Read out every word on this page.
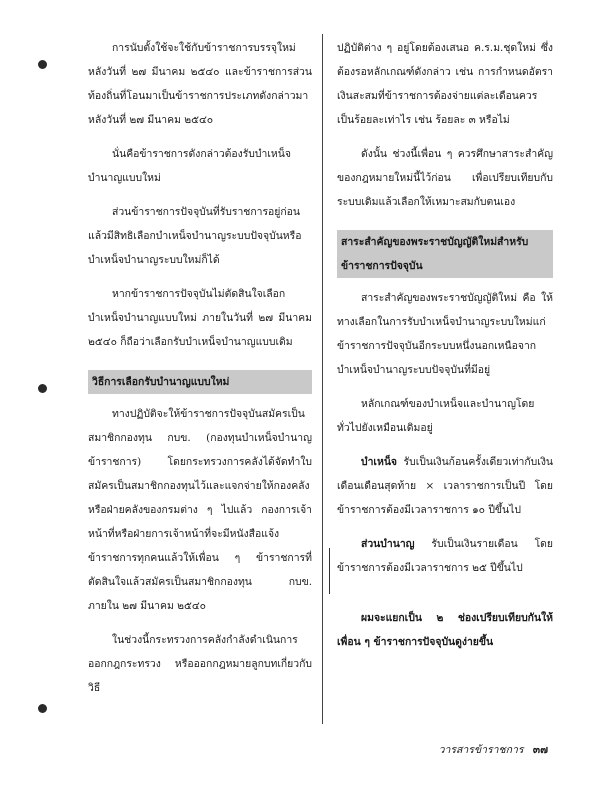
การนับตั้งใช้จะใช้กับข้าราชการบรรจุใหม่หลังวันที่ ๒๗ มีนาคม ๒๕๔๐ และข้าราชการส่วนท้องถิ่นที่โอนมาเป็นข้าราชการประเภทดังกล่าวมาหลังวันที่ ๒๗ มีนาคม ๒๕๔๐

นั่นคือข้าราชการดังกล่าวต้องรับบำเหน็จบำนาญแบบใหม่

ส่วนข้าราชการปัจจุบันที่รับราชการอยู่ก่อนแล้วมีสิทธิเลือกบำเหน็จบำนาญระบบปัจจุบันหรือบำเหน็จบำนาญระบบใหม่ก็ได้

หากข้าราชการปัจจุบันไม่ตัดสินใจเลือกบำเหน็จบำนาญแบบใหม่ ภายในวันที่ ๒๗ มีนาคม ๒๕๔๐ ก็ถือว่าเลือกรับบำเหน็จบำนาญแบบเดิม

วิธีการเลือกรับบำนาญแบบใหม่

ทางปฏิบัติจะให้ข้าราชการปัจจุบันสมัครเป็นสมาชิกกองทุน กบข. (กองทุนบำเหน็จบำนาญข้าราชการ) โดยกระทรวงการคลังได้จัดทำใบสมัครเป็นสมาชิกกองทุนไว้และแจกจ่ายให้กองคลังหรือฝ่ายคลังของกรมต่าง ๆ ไปแล้ว กองการเจ้าหน้าที่หรือฝ่ายการเจ้าหน้าที่จะมีหนังสือแจ้งข้าราชการทุกคนแล้วให้เพื่อน ๆ ข้าราชการที่ตัดสินใจแล้วสมัครเป็นสมาชิกกองทุน กบข. ภายใน ๒๗ มีนาคม ๒๕๔๐

ในช่วงนี้กระทรวงการคลังกำลังดำเนินการออกกฎกระทรวง หรือออกกฎหมายลูกบทเกี่ยวกับวิธี

ปฏิบัติต่าง ๆ อยู่โดยต้องเสนอ ค.ร.ม.ชุดใหม่ ซึ่งต้องรอหลักเกณฑ์ดังกล่าว เช่น การกำหนดอัตราเงินสะสมที่ข้าราชการต้องจ่ายแต่ละเดือนควรเป็นร้อยละเท่าไร เช่น ร้อยละ ๓ หรือไม่

ดังนั้น ช่วงนี้เพื่อน ๆ ควรศึกษาสาระสำคัญของกฎหมายใหม่นี้ไว้ก่อน เพื่อเปรียบเทียบกับระบบเดิมแล้วเลือกให้เหมาะสมกับตนเอง

สาระสำคัญของพระราชบัญญัติใหม่สำหรับ
ข้าราชการปัจจุบัน

สาระสำคัญของพระราชบัญญัติใหม่ คือ ให้ทางเลือกในการรับบำเหน็จบำนาญระบบใหม่แก่ข้าราชการปัจจุบันอีกระบบหนึ่งนอกเหนือจากบำเหน็จบำนาญระบบปัจจุบันที่มีอยู่

หลักเกณฑ์ของบำเหน็จและบำนาญโดยทั่วไปยังเหมือนเดิมอยู่

บำเหน็จ รับเป็นเงินก้อนครั้งเดียวเท่ากับเงินเดือนเดือนสุดท้าย × เวลาราชการเป็นปี โดยข้าราชการต้องมีเวลาราชการ ๑๐ ปีขึ้นไป

ส่วนบำนาญ รับเป็นเงินรายเดือน โดยข้าราชการต้องมีเวลาราชการ ๒๕ ปีขึ้นไป

ผมจะแยกเป็น ๒ ช่องเปรียบเทียบกันให้เพื่อน ๆ ข้าราชการปัจจุบันดูง่ายขึ้น

วารสารข้าราชการ ๓๗
